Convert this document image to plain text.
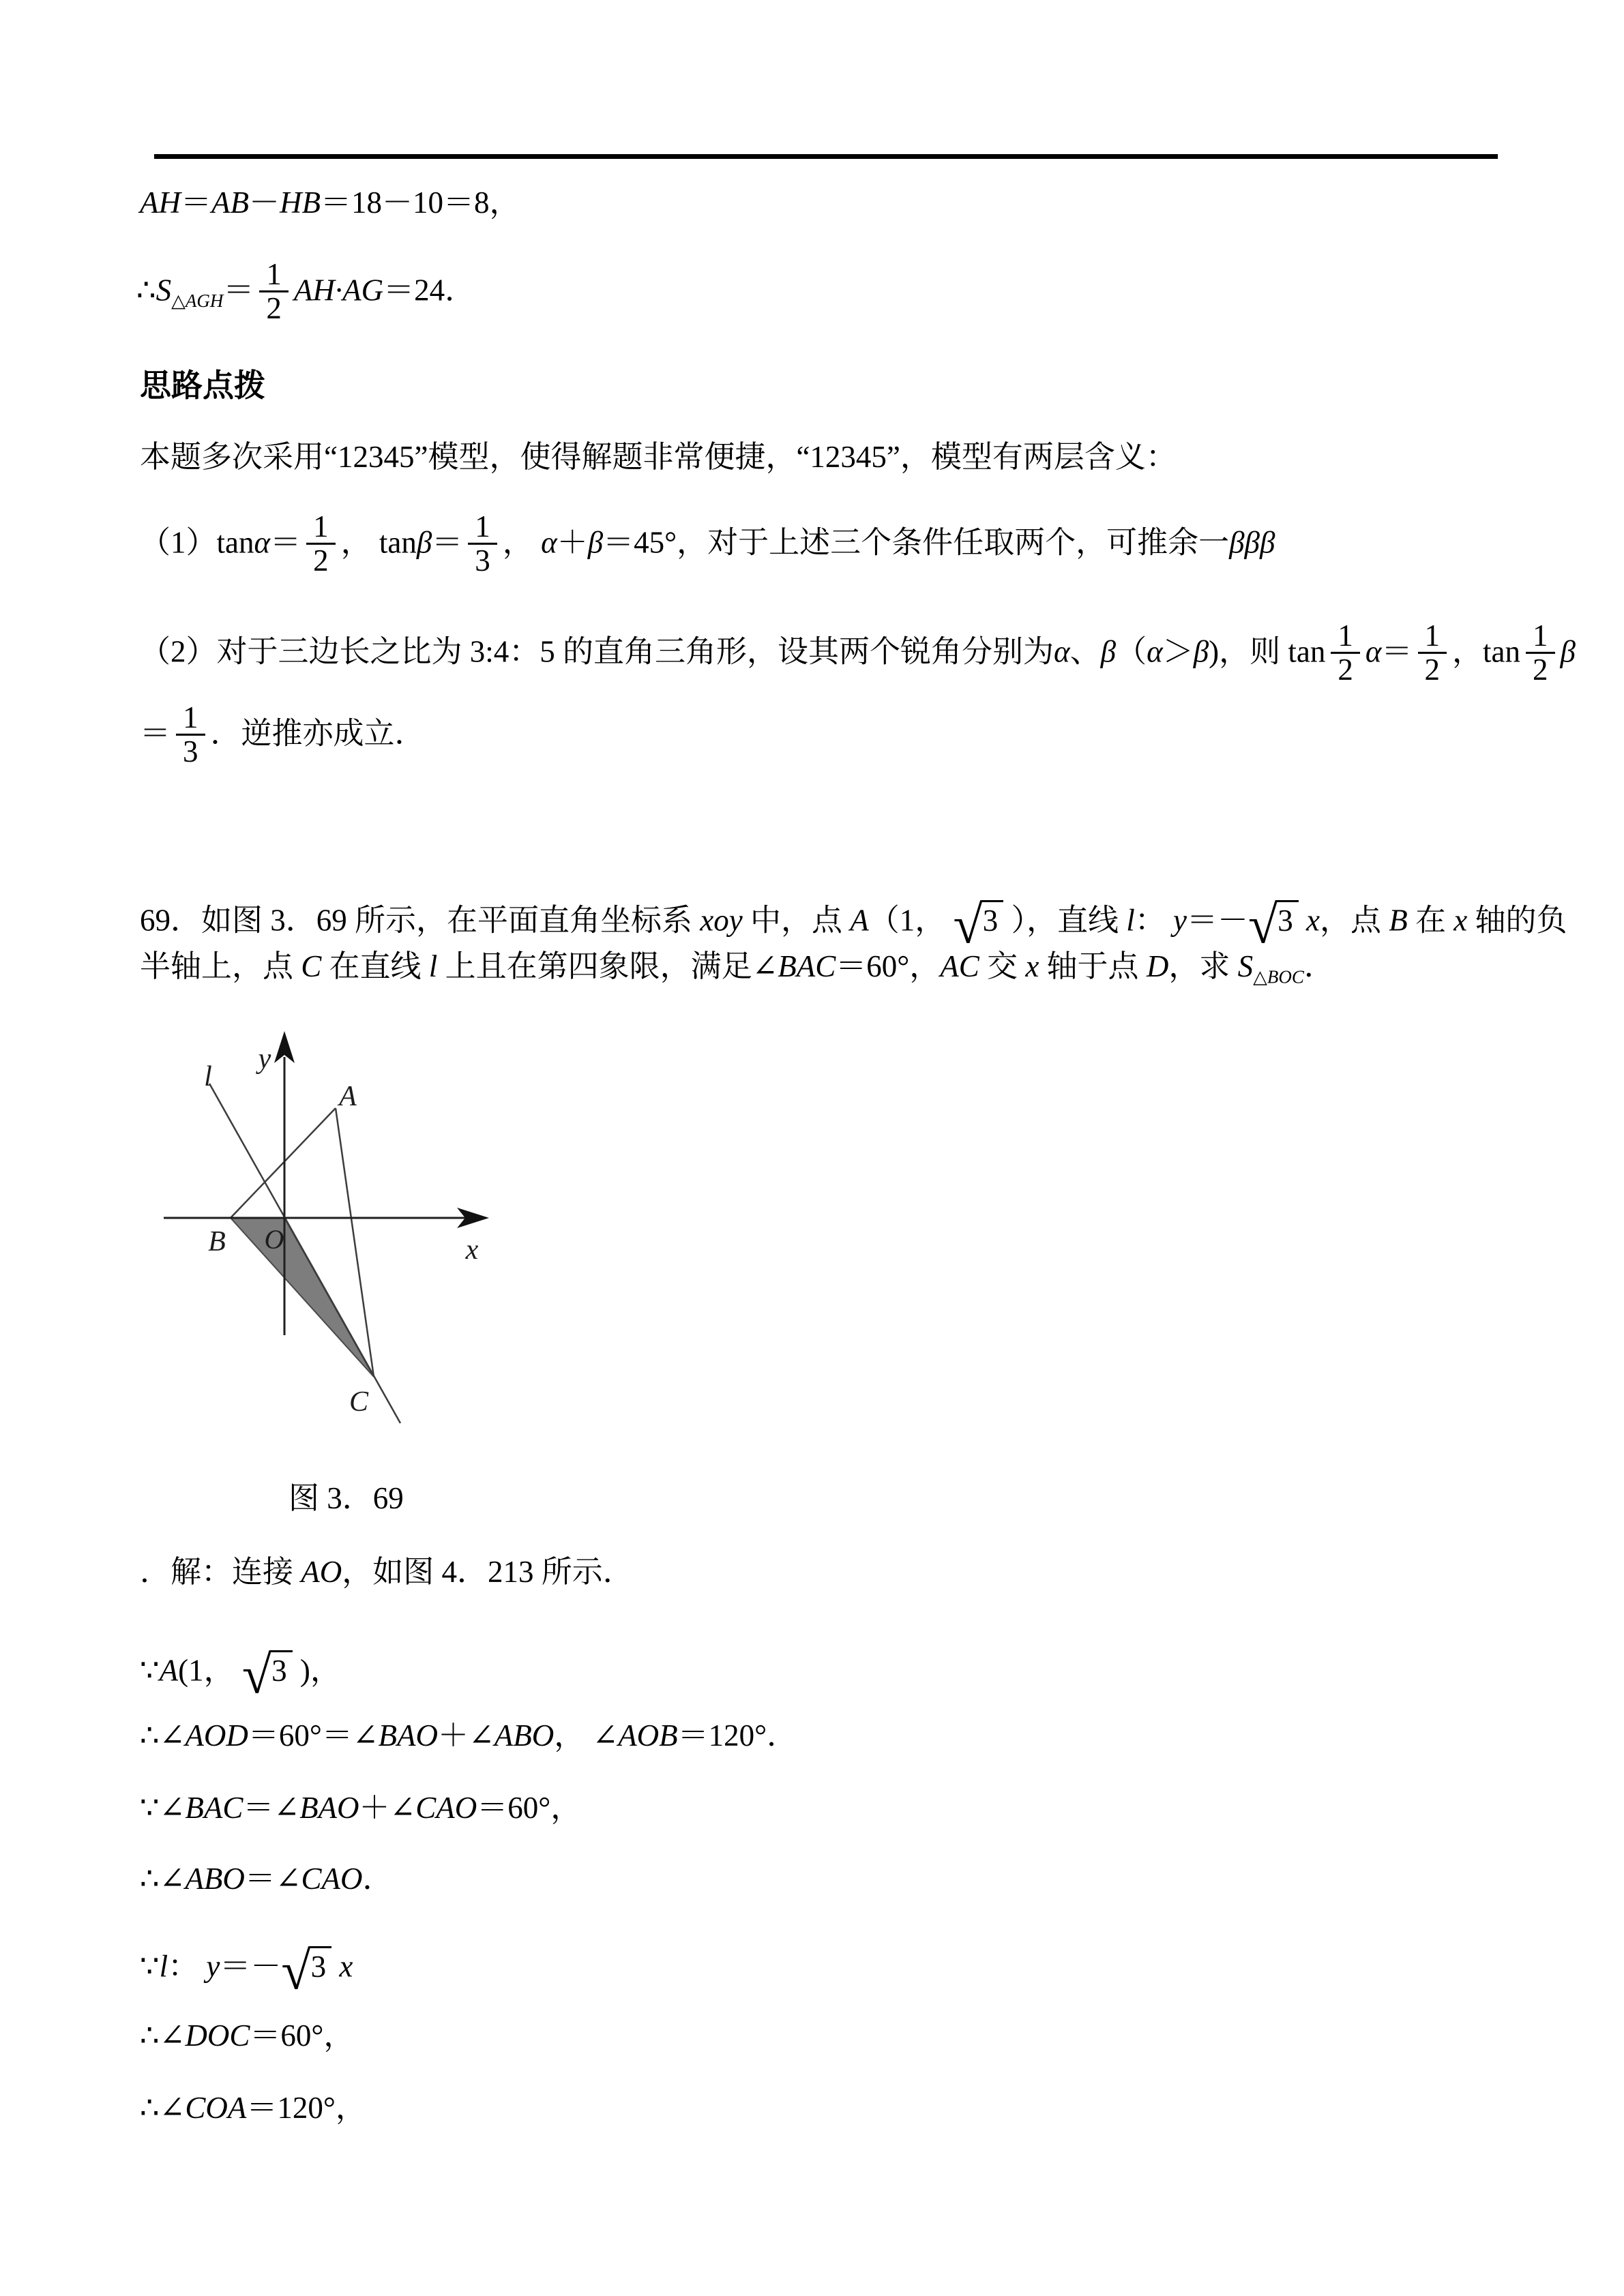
AH＝AB－HB＝18－10＝8，
$\therefore S_{\triangle AGH}= \frac{1}{2} AH\cdot AG=24$．
思路点拨
本题多次采用“12345”模型，使得解题非常便捷，“12345”，模型有两层含义：
$(1)\tan\alpha= \frac{1}{2}$ ， $\tan\beta= \frac{1}{3}$ ， α＋β＝45°，对于上述三个条件任取两个，可推余一βββ
（2）对于三边长之比为 3:4：5 的直角三角形，设其两个锐角分别为α、β（α＞β)，则 $\tan \frac{1}{2} \alpha= \frac{1}{2}$ ，$\tan \frac{1}{2}$ β
＝ $\frac{1}{3}$ ．逆推亦成立．
69．如图 3．69 所示，在平面直角坐标系 xoy 中，点 A（1， √3 ），直线 l： y＝－√3 x，点 B 在 x 轴的负
半轴上，点 C 在直线 l 上且在第四象限，满足∠BAC＝60°，AC 交 x 轴于点 D，求 $S_{\triangle BOC}$．
y
l
x
A
B O
C
图 3．69
．解：连接 AO，如图 4．213 所示．
∵A(1， √3 )，
∴∠AOD＝60°＝∠BAO＋∠ABO， ∠AOB＝120°．
∵∠BAC＝∠BAO＋∠CAO＝60°，
∴∠ABO＝∠CAO．
∵l： y＝－√3 x
∴∠DOC＝60°，
∴∠COA＝120°，
